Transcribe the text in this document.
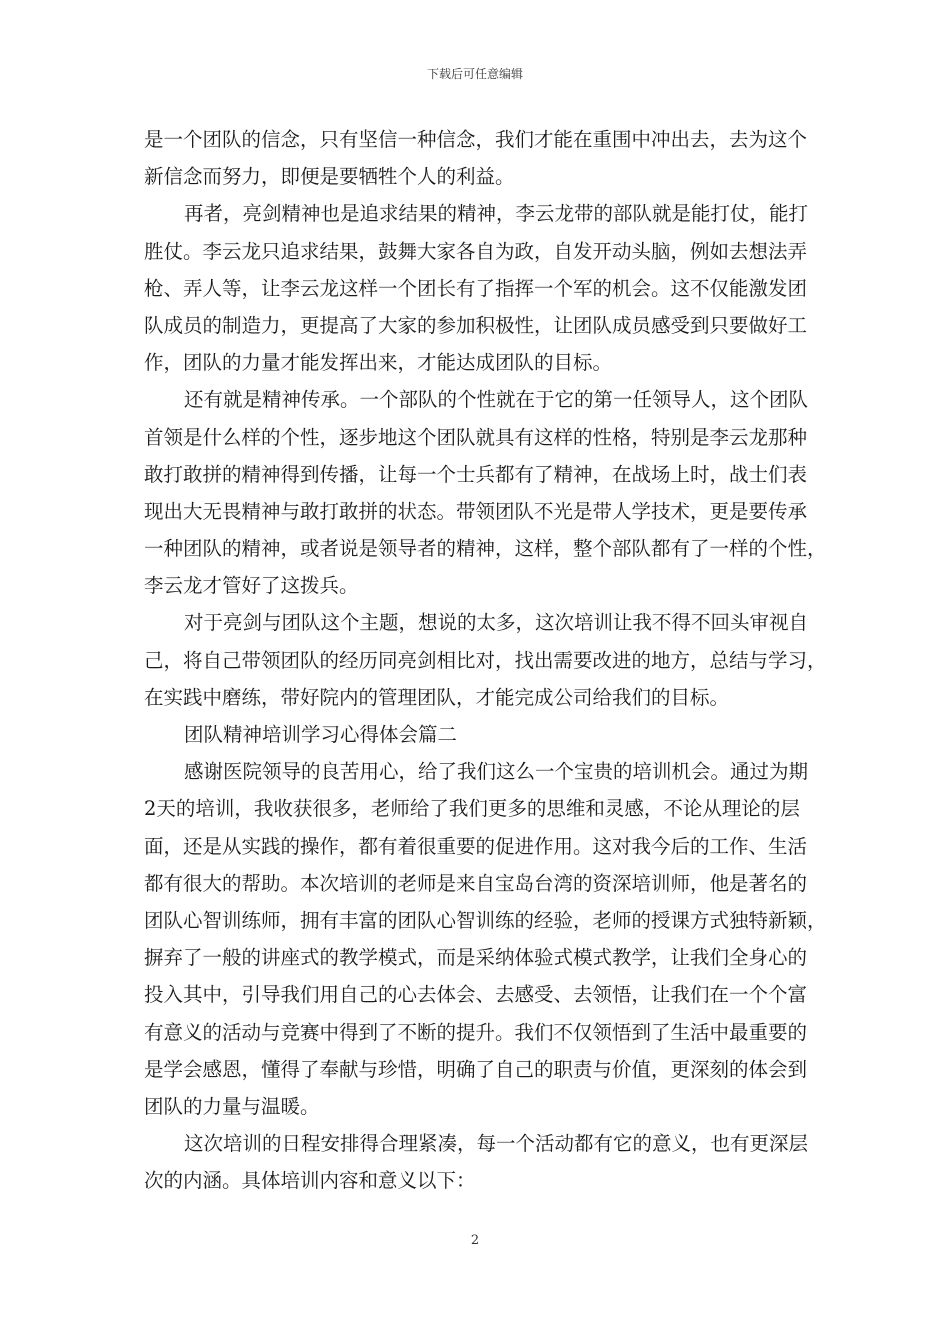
下载后可任意编辑
是一个团队的信念，只有坚信一种信念，我们才能在重围中冲出去，去为这个
新信念而努力，即便是要牺牲个人的利益。
再者，亮剑精神也是追求结果的精神，李云龙带的部队就是能打仗，能打
胜仗。李云龙只追求结果，鼓舞大家各自为政，自发开动头脑，例如去想法弄
枪、弄人等，让李云龙这样一个团长有了指挥一个军的机会。这不仅能激发团
队成员的制造力，更提高了大家的参加积极性，让团队成员感受到只要做好工
作，团队的力量才能发挥出来，才能达成团队的目标。
还有就是精神传承。一个部队的个性就在于它的第一任领导人，这个团队
首领是什么样的个性，逐步地这个团队就具有这样的性格，特别是李云龙那种
敢打敢拼的精神得到传播，让每一个士兵都有了精神，在战场上时，战士们表
现出大无畏精神与敢打敢拼的状态。带领团队不光是带人学技术，更是要传承
一种团队的精神，或者说是领导者的精神，这样，整个部队都有了一样的个性，
李云龙才管好了这拨兵。
对于亮剑与团队这个主题，想说的太多，这次培训让我不得不回头审视自
己，将自己带领团队的经历同亮剑相比对，找出需要改进的地方，总结与学习，
在实践中磨练，带好院内的管理团队，才能完成公司给我们的目标。
团队精神培训学习心得体会篇二
感谢医院领导的良苦用心，给了我们这么一个宝贵的培训机会。通过为期
2天的培训，我收获很多，老师给了我们更多的思维和灵感，不论从理论的层
面，还是从实践的操作，都有着很重要的促进作用。这对我今后的工作、生活
都有很大的帮助。本次培训的老师是来自宝岛台湾的资深培训师，他是著名的
团队心智训练师，拥有丰富的团队心智训练的经验，老师的授课方式独特新颖，
摒弃了一般的讲座式的教学模式，而是采纳体验式模式教学，让我们全身心的
投入其中，引导我们用自己的心去体会、去感受、去领悟，让我们在一个个富
有意义的活动与竞赛中得到了不断的提升。我们不仅领悟到了生活中最重要的
是学会感恩，懂得了奉献与珍惜，明确了自己的职责与价值，更深刻的体会到
团队的力量与温暖。
这次培训的日程安排得合理紧凑，每一个活动都有它的意义，也有更深层
次的内涵。具体培训内容和意义以下：
2
